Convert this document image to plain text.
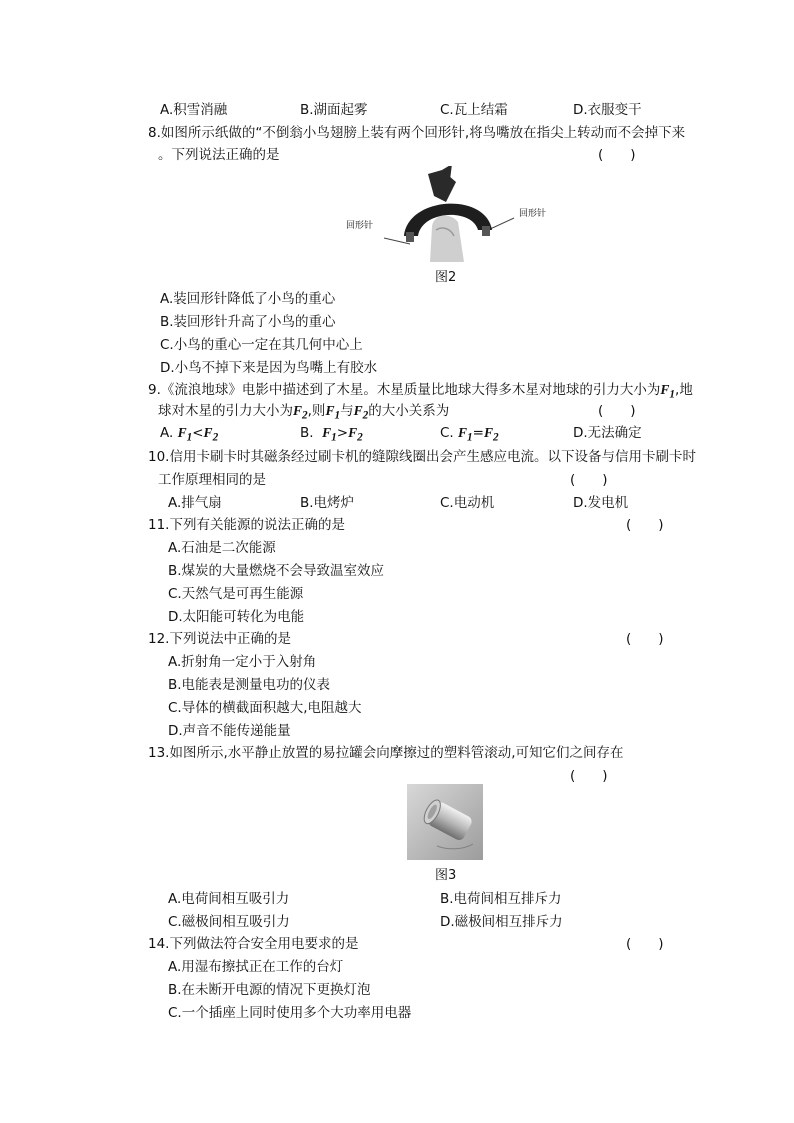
A.积雪消融	B.湖面起雾	C.瓦上结霜	D.衣服变干
8.如图所示纸做的“不倒翁小鸟翅膀上装有两个回形针,将鸟嘴放在指尖上转动而不会掉下来
。下列说法正确的是	(　　)
回形针
回形针
图2
A.装回形针降低了小鸟的重心
B.装回形针升高了小鸟的重心
C.小鸟的重心一定在其几何中心上
D.小鸟不掉下来是因为鸟嘴上有胶水
9.《流浪地球》电影中描述到了木星。木星质量比地球大得多木星对地球的引力大小为$F_1$,地
球对木星的引力大小为$F_2$,则$F_1$与$F_2$的大小关系为	(　　)
A. $F_1<F_2$	B. $F_1>F_2$	C. $F_1=F_2$	D.无法确定
10.信用卡刷卡时其磁条经过刷卡机的缝隙线圈出会产生感应电流。以下设备与信用卡刷卡时
工作原理相同的是	(　　)
A.排气扇	B.电烤炉	C.电动机	D.发电机
11.下列有关能源的说法正确的是	(　　)
A.石油是二次能源
B.煤炭的大量燃烧不会导致温室效应
C.天然气是可再生能源
D.太阳能可转化为电能
12.下列说法中正确的是	(　　)
A.折射角一定小于入射角
B.电能表是测量电功的仪表
C.导体的横截面积越大,电阻越大
D.声音不能传递能量
13.如图所示,水平静止放置的易拉罐会向摩擦过的塑料管滚动,可知它们之间存在
(　　)
图3
A.电荷间相互吸引力	B.电荷间相互排斥力
C.磁极间相互吸引力	D.磁极间相互排斥力
14.下列做法符合安全用电要求的是	(　　)
A.用湿布擦拭正在工作的台灯
B.在未断开电源的情况下更换灯泡
C.一个插座上同时使用多个大功率用电器
